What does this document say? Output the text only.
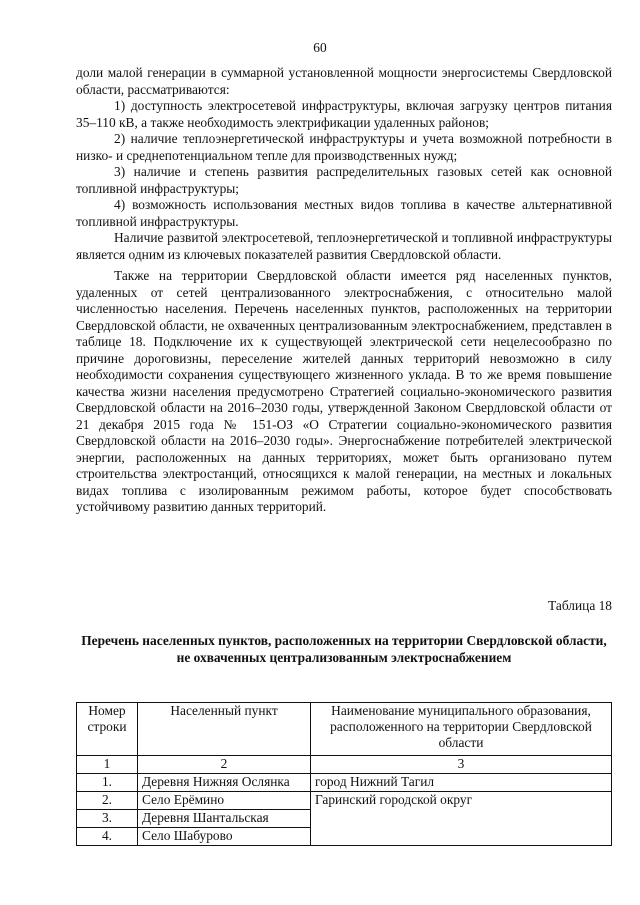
60

доли малой генерации в суммарной установленной мощности энергосистемы Свердловской области, рассматриваются:

1) доступность электросетевой инфраструктуры, включая загрузку центров питания 35–110 кВ, а также необходимость электрификации удаленных районов;

2) наличие теплоэнергетической инфраструктуры и учета возможной потребности в низко- и среднепотенциальном тепле для производственных нужд;

3) наличие и степень развития распределительных газовых сетей как основной топливной инфраструктуры;

4) возможность использования местных видов топлива в качестве альтернативной топливной инфраструктуры.

Наличие развитой электросетевой, теплоэнергетической и топливной инфраструктуры является одним из ключевых показателей развития Свердловской области.

Также на территории Свердловской области имеется ряд населенных пунктов, удаленных от сетей централизованного электроснабжения, с относительно малой численностью населения. Перечень населенных пунктов, расположенных на территории Свердловской области, не охваченных централизованным электроснабжением, представлен в таблице 18. Подключение их к существующей электрической сети нецелесообразно по причине дороговизны, переселение жителей данных территорий невозможно в силу необходимости сохранения существующего жизненного уклада. В то же время повышение качества жизни населения предусмотрено Стратегией социально-экономического развития Свердловской области на 2016–2030 годы, утвержденной Законом Свердловской области от 21 декабря 2015 года № 151-ОЗ «О Стратегии социально-экономического развития Свердловской области на 2016–2030 годы». Энергоснабжение потребителей электрической энергии, расположенных на данных территориях, может быть организовано путем строительства электростанций, относящихся к малой генерации, на местных и локальных видах топлива с изолированным режимом работы, которое будет способствовать устойчивому развитию данных территорий.

Таблица 18
Перечень населенных пунктов, расположенных на территории Свердловской области, не охваченных централизованным электроснабжением
Номер строки	Населенный пункт	Наименование муниципального образования, расположенного на территории Свердловской области
1	2	3
1.	Деревня Нижняя Ослянка	город Нижний Тагил
2.	Село Ерёмино	Гаринский городской округ
3.	Деревня Шантальская	
4.	Село Шабурово	
